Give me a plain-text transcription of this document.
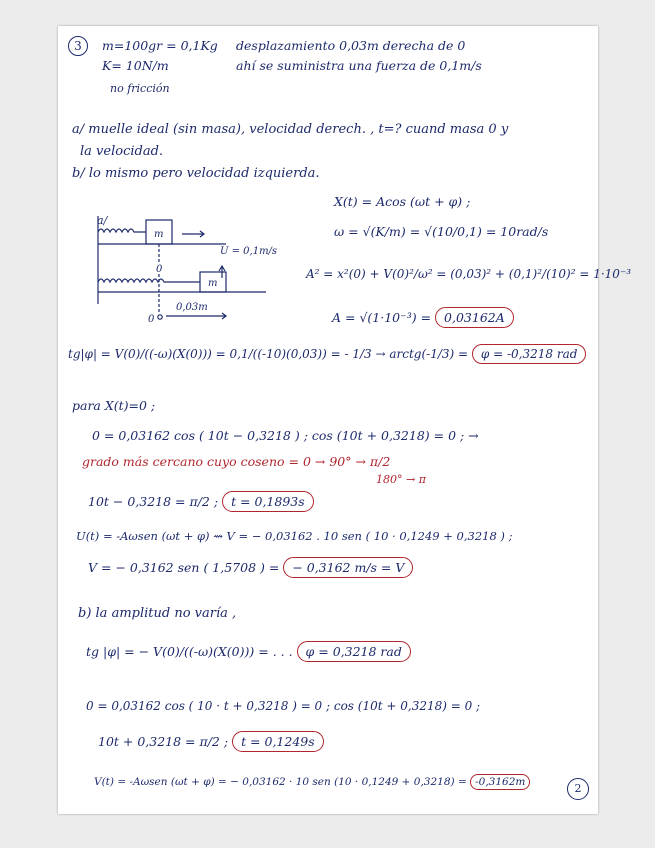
3	m=100gr = 0,1Kg
K= 10N/m
no fricción
desplazamiento 0,03m derecha de 0
ahí se suministra una fuerza de 0,1m/s
a/ muelle ideal (sin masa), velocidad derech. , t=? cuand masa 0 y
la velocidad.
b/ lo mismo pero velocidad izquierda.
a/
m
m
U = 0,1m/s
0
0,03m
0
X(t) = Acos (ωt + φ) ;
ω = √(K/m) = √(10/0,1) = 10rad/s
A² = x²(0) + V(0)²/ω² = (0,03)² + (0,1)²/(10)² = 1·10⁻³
A = √(1·10⁻³) = 0,03162A
tg|φ| = V(0)/((-ω)(X(0))) = 0,1/((-10)(0,03)) = - 1/3 → arctg(-1/3) = φ = -0,3218 rad
para X(t)=0 ;
0 = 0,03162 cos ( 10t − 0,3218 ) ; cos (10t + 0,3218) = 0 ; →
grado más cercano cuyo coseno = 0 → 90° → π/2
180° → π
10t − 0,3218 = π/2 ; t = 0,1893s
U(t) = -Aωsen (ωt + φ) ⇝ V = − 0,03162 . 10 sen ( 10 · 0,1249 + 0,3218 ) ;
V = − 0,3162 sen ( 1,5708 ) = − 0,3162 m/s = V
b) la amplitud no varía ,
tg |φ| = − V(0)/((-ω)(X(0))) = . . . φ = 0,3218 rad
0 = 0,03162 cos ( 10 · t + 0,3218 ) = 0 ; cos (10t + 0,3218) = 0 ;
10t + 0,3218 = π/2 ; t = 0,1249s
V(t) = -Aωsen (ωt + φ) = − 0,03162 · 10 sen (10 · 0,1249 + 0,3218) = -0,3162m	2
